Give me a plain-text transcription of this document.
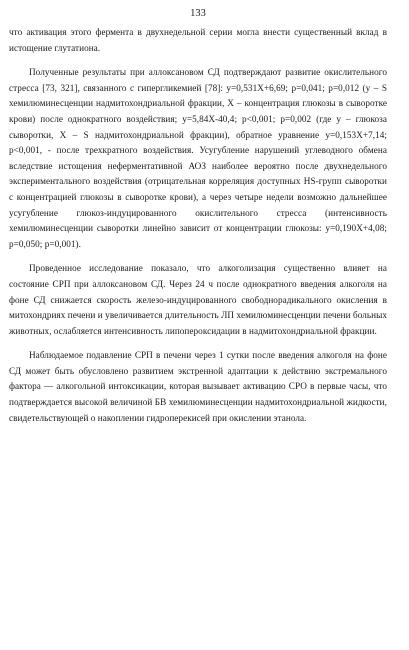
133

что активация этого фермента в двухнедельной серии могла внести существенный вклад в истощение глутатиона.

Полученные результаты при аллоксановом СД подтверждают развитие окислительного стресса [73, 321], связанного с гипергликемией [78]: y=0,531X+6,69; p=0,041; p=0,012 (y – S хемилюминесценции надмитохондриальной фракции, X – концентрация глюкозы в сыворотке крови) после однократного воздействия; y=5,84X-40,4; p<0,001; p=0,002 (где y – глюкоза сыворотки, X – S надмитохондриальной фракции), обратное уравнение y=0,153X+7,14; p<0,001, - после трехкратного воздействия. Усугубление нарушений углеводного обмена вследствие истощения неферментативной АОЗ наиболее вероятно после двухнедельного экспериментального воздействия (отрицательная корреляция доступных HS-групп сыворотки с концентрацией глюкозы в сыворотке крови), а через четыре недели возможно дальнейшее усугубление глюкоз-индуцированного окислительного стресса (интенсивность хемилюминесценции сыворотки линейно зависит от концентрации глюкозы: y=0,190X+4,08; p=0,050; p=0,001).

Проведенное исследование показало, что алкоголизация существенно влияет на состояние СРП при аллоксановом СД. Через 24 ч после однократного введения алкоголя на фоне СД снижается скорость железо-индуцированного свободнорадикального окисления в митохондриях печени и увеличивается длительность ЛП хемилюминесценции печени больных животных, ослабляется интенсивность липопероксидации в надмитохондриальной фракции.

Наблюдаемое подавление СРП в печени через 1 сутки после введения алкоголя на фоне СД может быть обусловлено развитием экстренной адаптации к действию экстремального фактора — алкогольной интоксикации, которая вызывает активацию СРО в первые часы, что подтверждается высокой величиной БВ хемилюминесценции надмитохондриальной жидкости, свидетельствующей о накоплении гидроперекисей при окислении этанола.
